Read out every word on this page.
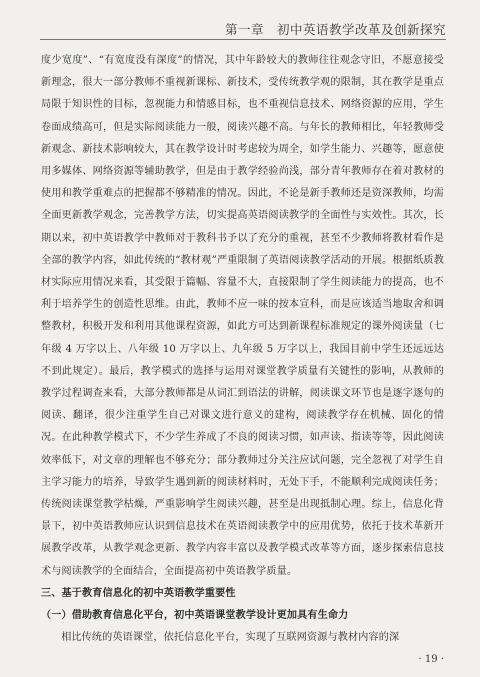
第一章　初中英语教学改革及创新探究

度少宽度”、“有宽度没有深度”的情况，其中年龄较大的教师往往观念守旧，不愿意接受新理念，很大一部分教师不重视新课标、新技术，受传统教学观的限制，其在教学是重点局限于知识性的目标，忽视能力和情感目标，也不重视信息技术、网络资源的应用，学生卷面成绩高可，但是实际阅读能力一般，阅读兴趣不高。与年长的教师相比，年轻教师受新观念、新技术影响较大，其在教学设计时考虑较为周全，如学生能力、兴趣等，愿意使用多媒体、网络资源等辅助教学，但是由于教学经验尚浅，部分青年教师存在着对教材的使用和教学重难点的把握都不够精准的情况。因此，不论是新手教师还是资深教师，均需全面更新教学观念，完善教学方法，切实提高英语阅读教学的全面性与实效性。其次，长期以来，初中英语教学中教师对于教科书予以了充分的重视，甚至不少教师将教材看作是全部的教学内容，如此传统的“教材观”严重限制了英语阅读教学活动的开展。根据纸质教材实际应用情况来看，其受限于篇幅、容量不大，直接限制了学生阅读能力的提高，也不利于培养学生的创造性思维。由此，教师不应一味的按本宣科，而是应该适当地取舍和调整教材，积极开发和利用其他课程资源，如此方可达到新课程标准规定的课外阅读量（七年级 4 万字以上、八年级 10 万字以上、九年级 5 万字以上，我国目前中学生还远远达不到此规定）。最后，教学模式的选择与运用对课堂教学质量有关键性的影响，从教师的教学过程调查来看，大部分教师都是从词汇到语法的讲解，阅读课文环节也是逐字逐句的阅读、翻译，很少注重学生自己对课文进行意义的建构，阅读教学存在机械、固化的情况。在此种教学模式下，不少学生养成了不良的阅读习惯，如声读、指读等等，因此阅读效率低下，对文章的理解也不够充分；部分教师过分关注应试问题，完全忽视了对学生自主学习能力的培养，导致学生遇到新的阅读材料时，无处下手，不能顺利完成阅读任务；传统阅读课堂教学枯燥，严重影响学生阅读兴趣，甚至是出现抵制心理。综上，信息化背景下，初中英语教师应认识到信息技术在英语阅读教学中的应用优势，依托于技术革新开展教学改革，从教学观念更新、教学内容丰富以及教学模式改革等方面，逐步探索信息技术与阅读教学的全面结合，全面提高初中英语教学质量。

三、基于教育信息化的初中英语教学重要性

（一）借助教育信息化平台，初中英语课堂教学设计更加具有生命力

相比传统的英语课堂，依托信息化平台，实现了互联网资源与教材内容的深

· 19 ·
